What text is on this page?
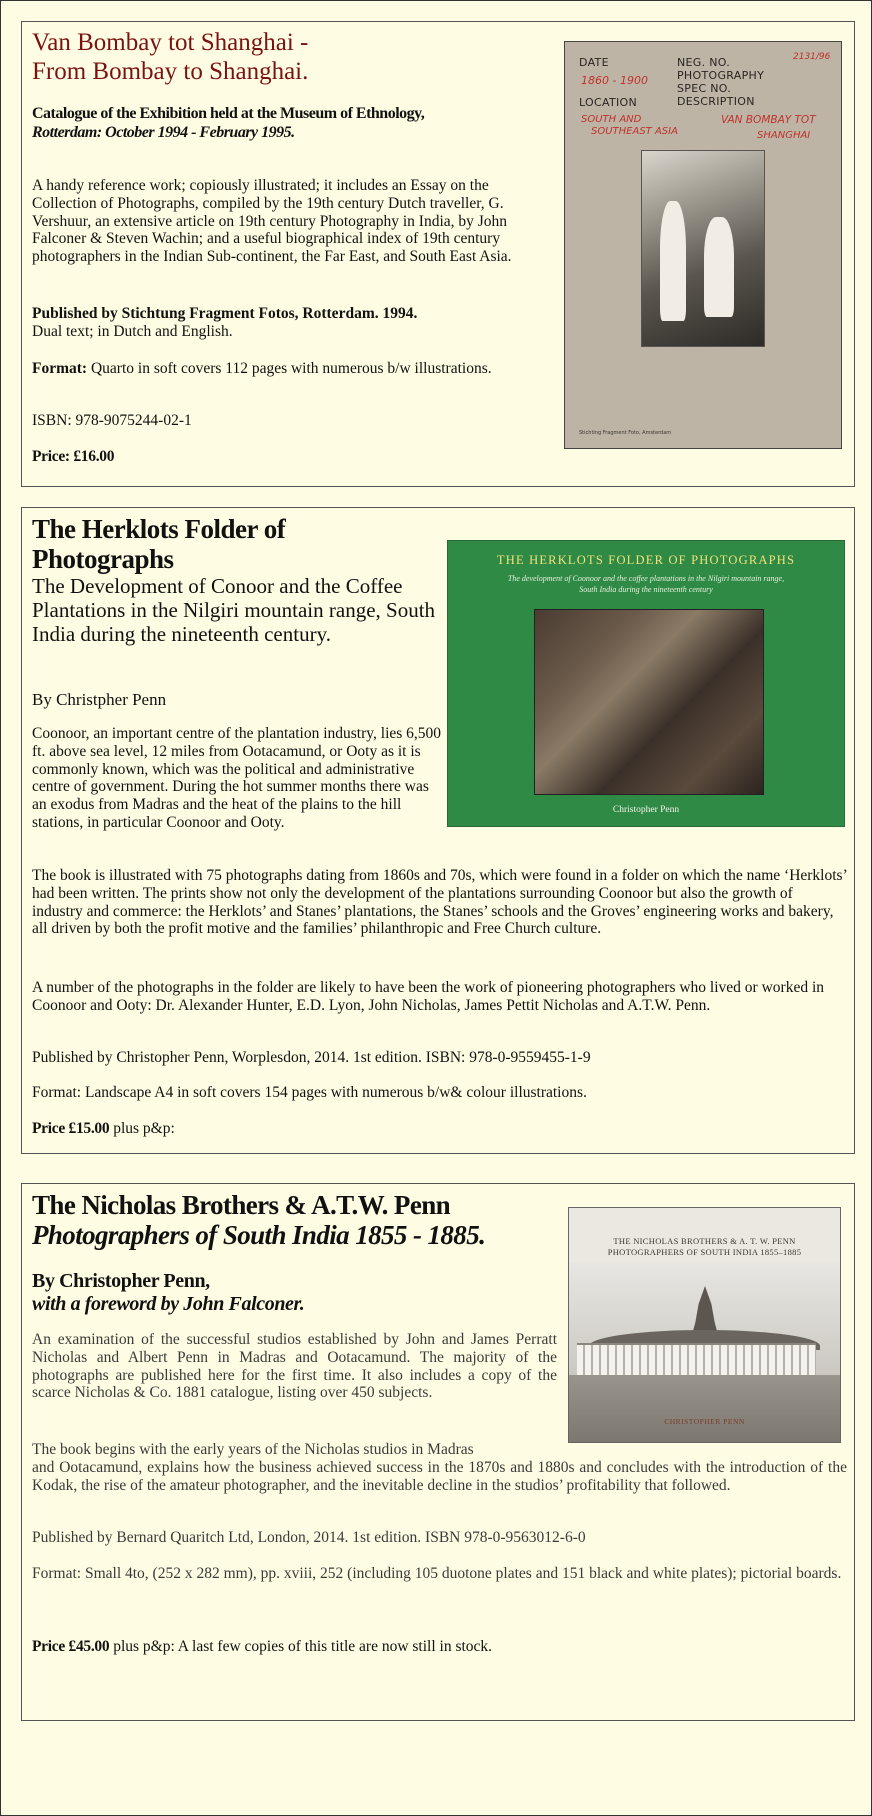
Van Bombay tot Shanghai -
From Bombay to Shanghai.
Catalogue of the Exhibition held at the Museum of Ethnology,
Rotterdam: October 1994 - February 1995.

A handy reference work; copiously illustrated; it includes an Essay on the Collection of Photographs, compiled by the 19th century Dutch traveller, G. Vershuur, an extensive article on 19th century Photography in India, by John Falconer & Steven Wachin; and a useful biographical index of 19th century photographers in the Indian Sub-continent, the Far East, and South East Asia.

Published by Stichtung Fragment Fotos, Rotterdam. 1994.
Dual text; in Dutch and English.

Format: Quarto in soft covers 112 pages with numerous b/w illustrations.

ISBN: 978-9075244-02-1

Price: £16.00

DATE
1860 - 1900
LOCATION
SOUTH AND
SOUTHEAST ASIA
NEG. NO.
PHOTOGRAPHY
SPEC NO.
DESCRIPTION
2131/96
VAN BOMBAY TOT
SHANGHAI
Stichting Fragment Foto, Amsterdam
The Herklots Folder of
Photographs

The Development of Conoor and the Coffee Plantations in the Nilgiri mountain range, South India during the nineteenth century.

By Christpher Penn

Coonoor, an important centre of the plantation industry, lies 6,500 ft. above sea level, 12 miles from Ootacamund, or Ooty as it is commonly known, which was the political and administrative centre of government. During the hot summer months there was an exodus from Madras and the heat of the plains to the hill stations, in particular Coonoor and Ooty.

THE HERKLOTS FOLDER OF PHOTOGRAPHS
The development of Coonoor and the coffee plantations in the Nilgiri mountain range,
South India during the nineteenth century
Christopher Penn

The book is illustrated with 75 photographs dating from 1860s and 70s, which were found in a folder on which the name ‘Herklots’ had been written. The prints show not only the development of the plantations surrounding Coonoor but also the growth of industry and commerce: the Herklots’ and Stanes’ plantations, the Stanes’ schools and the Groves’ engineering works and bakery, all driven by both the profit motive and the families’ philanthropic and Free Church culture.

A number of the photographs in the folder are likely to have been the work of pioneering photographers who lived or worked in Coonoor and Ooty: Dr. Alexander Hunter, E.D. Lyon, John Nicholas, James Pettit Nicholas and A.T.W. Penn.

Published by Christopher Penn, Worplesdon, 2014. 1st edition. ISBN: 978-0-9559455-1-9

Format: Landscape A4 in soft covers 154 pages with numerous b/w& colour illustrations.

Price £15.00 plus p&p:

The Nicholas Brothers & A.T.W. Penn
Photographers of South India 1855 - 1885.
By Christopher Penn,
with a foreword by John Falconer.

An examination of the successful studios established by John and James Perratt Nicholas and Albert Penn in Madras and Ootacamund. The majority of the photographs are published here for the first time. It also includes a copy of the scarce Nicholas & Co. 1881 catalogue, listing over 450 subjects.

THE NICHOLAS BROTHERS & A. T. W. PENN
PHOTOGRAPHERS OF SOUTH INDIA 1855–1885
CHRISTOPHER PENN

The book begins with the early years of the Nicholas studios in Madras

and Ootacamund, explains how the business achieved success in the 1870s and 1880s and concludes with the introduction of the Kodak, the rise of the amateur photographer, and the inevitable decline in the studios’ profitability that followed.

Published by Bernard Quaritch Ltd, London, 2014. 1st edition. ISBN 978-0-9563012-6-0

Format: Small 4to, (252 x 282 mm), pp. xviii, 252 (including 105 duotone plates and 151 black and white plates); pictorial boards.

Price £45.00 plus p&p: A last few copies of this title are now still in stock.
